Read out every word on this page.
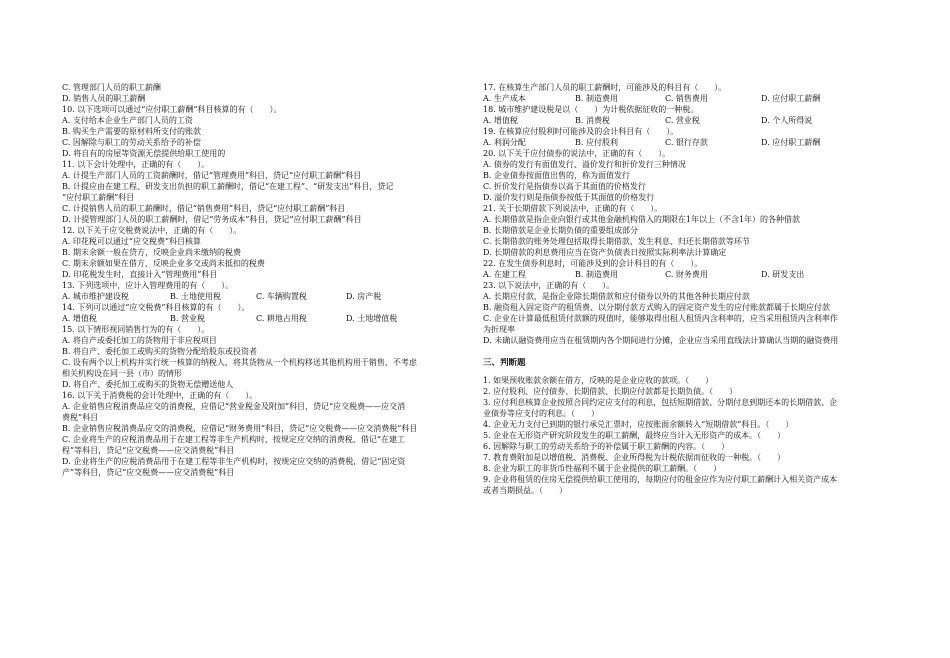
C. 管理部门人员的职工薪酬
D. 销售人员的职工薪酬
10. 以下选项可以通过“应付职工薪酬”科目核算的有（　　）。
A. 支付给本企业生产部门人员的工资
B. 购买生产需要的原材料所支付的账款
C. 因解除与职工的劳动关系给予的补偿
D. 将自有的房屋等资源无偿提供给职工使用的
11. 以下会计处理中，正确的有（　　）。
A. 计提生产部门人员的工资薪酬时，借记“管理费用”科目，贷记“应付职工薪酬”科目
B. 计提应由在建工程、研发支出负担的职工薪酬时，借记“在建工程”、“研发支出”科目，贷记
“应付职工薪酬”科目
C. 计提销售人员的职工薪酬时，借记“销售费用”科目，贷记“应付职工薪酬”科目
D. 计提管理部门人员的职工薪酬时，借记“劳务成本”科目，贷记“应付职工薪酬”科目
12. 以下关于应交税费说法中，正确的有（　　）。
A. 印花税可以通过“应交税费”科目核算
B. 期末余额一般在贷方，反映企业尚未缴纳的税费
C. 期末余额如果在借方，反映企业多交或尚未抵扣的税费
D. 印花税发生时，直接计入“管理费用”科目
13. 下列选项中，应计入管理费用的有（　　）。
A. 城市维护建设税	B. 土地使用税	C. 车辆购置税	D. 房产税
14. 下列可以通过“应交税费”科目核算的有（　　）。
A. 增值税	B. 营业税	C. 耕地占用税	D. 土地增值税
15. 以下情形视同销售行为的有（　　）。
A. 将自产或委托加工的货物用于非应税项目
B. 将自产、委托加工或购买的货物分配给股东或投资者
C. 设有两个以上机构并实行统一核算的纳税人，将其货物从一个机构移送其他机构用于销售，不考虑
相关机构设在同一县（市）的情形
D. 将自产、委托加工或购买的货物无偿赠送他人
16. 以下关于消费税的会计处理中，正确的有（　　）。
A. 企业销售应税消费品应交的消费税，应借记“营业税金及附加”科目，贷记“应交税费——应交消
费税”科目
B. 企业销售应税消费品应交的消费税，应借记“财务费用”科目，贷记“应交税费——应交消费税”科目
C. 企业将生产的应税消费品用于在建工程等非生产机构时，按规定应交纳的消费税，借记“在建工
程”等科目，贷记“应交税费——应交消费税”科目
D. 企业将生产的应税消费品用于在建工程等非生产机构时，按规定应交纳的消费税，借记“固定资
产”等科目，贷记“应交税费——应交消费税”科目
17. 在核算生产部门人员的职工薪酬时，可能涉及的科目有（　　）。
A. 生产成本	B. 制造费用	C. 销售费用	D. 应付职工薪酬
18. 城市维护建设税是以（　　）为计税依据征收的一种税。
A. 增值税	B. 消费税	C. 营业税	D. 个人所得说
19. 在核算应付股利时可能涉及的会计科目有（　　）。
A. 利润分配	B. 应付股利	C. 银行存款	D. 应付职工薪酬
20. 以下关于应付债券的说法中，正确的有（　　）。
A. 债券的发行有面值发行、溢价发行和折价发行三种情况
B. 企业债券按面值出售的，称为面值发行
C. 折价发行是指债券以高于其面值的价格发行
D. 溢价发行则是指债券按低于其面值的价格发行
21. 关于长期借款下列说法中，正确的有（　　）。
A. 长期借款是指企业向银行或其他金融机构借入的期限在1年以上（不含1年）的各种借款
B. 长期借款是企业长期负债的重要组成部分
C. 长期借款的账务处理包括取得长期借款、发生利息、归还长期借款等环节
D. 长期借款的利息费用应当在资产负债表日按照实际利率法计算确定
22. 在发生债券利息时，可能涉及到的会计科目的有（　　）。
A. 在建工程	B. 制造费用	C. 财务费用	D. 研发支出
23. 以下说法中，正确的有（　　）。
A. 长期应付款，是指企业除长期借款和应付债券以外的其他各种长期应付款
B. 融资租入固定资产的租赁费、以分期付款方式购入的固定资产发生的应付账款都属于长期应付款
C. 企业在计算最低租赁付款额的现值时，能够取得出租人租赁内含利率的，应当采用租赁内含利率作
为折现率
D. 未确认融资费用应当在租赁期内各个期间进行分摊，企业应当采用直线法计算确认当期的融资费用
三、判断题
1. 如果预收账款余额在借方，反映的是企业应收的款项。（　　）
2. 应付股利、应付债券、长期借款、长期应付款都是长期负债。（　　）
3. 应付利息核算企业按照合同约定应支付的利息，包括短期借款、分期付息到期还本的长期借款、企
业债券等应支付的利息。（　　）
4. 企业无力支付已到期的银行承兑汇票时，应按账面余额转入“短期借款”科目。（　　）
5. 企业在无形资产研究阶段发生的职工薪酬，最终应当计入无形资产的成本。（　　）
6. 因解除与职工的劳动关系给予的补偿属于职工薪酬的内容。（　　）
7. 教育费附加是以增值税、消费税、企业所得税为计税依据而征收的一种税。（　　）
8. 企业为职工的非货币性福利不属于企业提供的职工薪酬。（　　）
9. 企业将租赁的住房无偿提供给职工使用的，每期应付的租金应作为应付职工薪酬计入相关资产成本
或者当期损益。（　　）
